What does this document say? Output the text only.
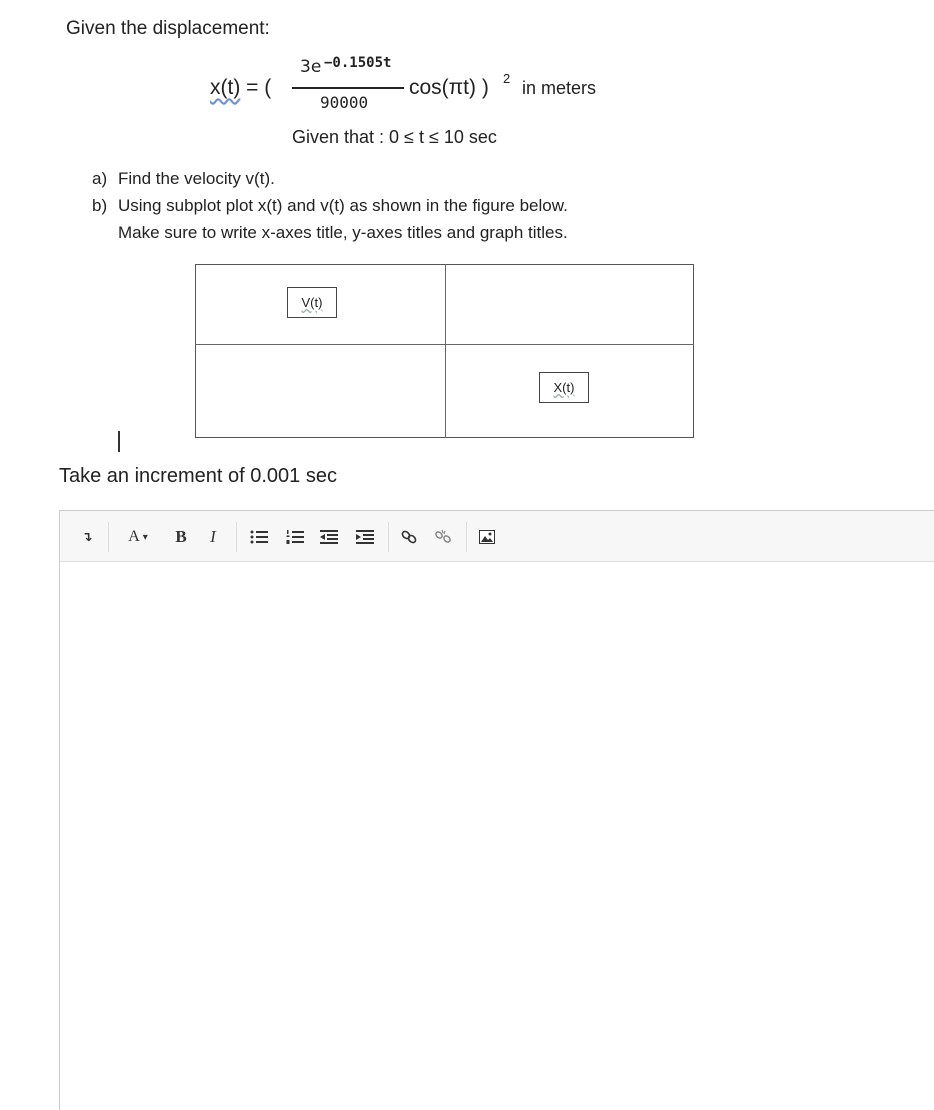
Given the displacement:
x(t) = (
3e −0.1505t
90000
cos(πt) ) 2 in meters
Given that : 0 ≤ t ≤ 10 sec
a) Find the velocity v(t).
b) Using subplot plot x(t) and v(t) as shown in the figure below.
Make sure to write x-axes title, y-axes titles and graph titles.
V(t)
X(t)
Take an increment of 0.001 sec
↴	A ▾	B	I
